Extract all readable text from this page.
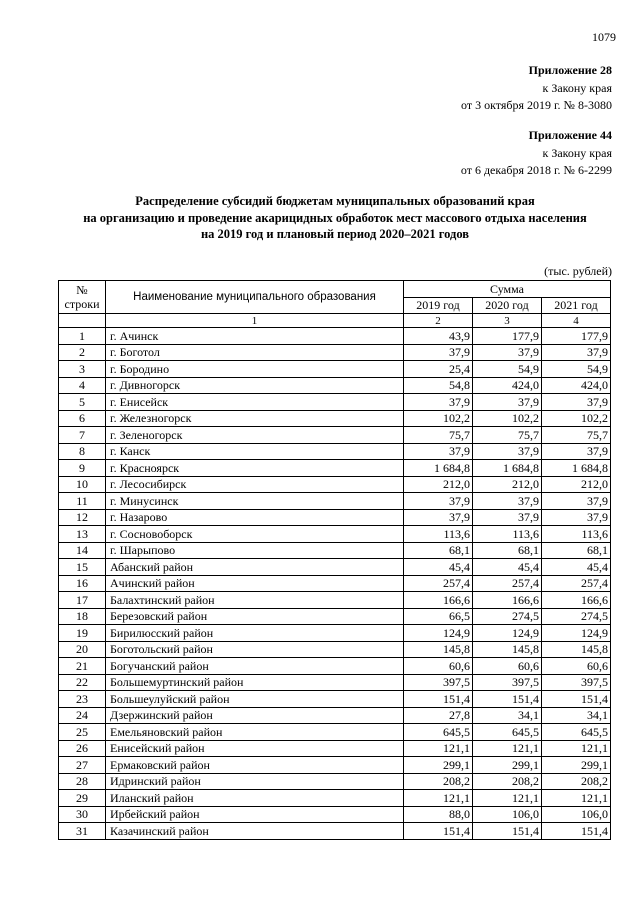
1079
Приложение 28
к Закону края
от 3 октября 2019 г. № 8-3080
Приложение 44
к Закону края
от 6 декабря 2018 г. № 6-2299
Распределение субсидий бюджетам муниципальных образований края
на организацию и проведение акарицидных обработок мест массового отдыха населения
на 2019 год и плановый период 2020–2021 годов
(тыс. рублей)
№ строки	Наименование муниципального образования	Сумма		
		2019 год	2020 год	2021 год
	1	2	3	4
1	г. Ачинск	43,9	177,9	177,9
2	г. Боготол	37,9	37,9	37,9
3	г. Бородино	25,4	54,9	54,9
4	г. Дивногорск	54,8	424,0	424,0
5	г. Енисейск	37,9	37,9	37,9
6	г. Железногорск	102,2	102,2	102,2
7	г. Зеленогорск	75,7	75,7	75,7
8	г. Канск	37,9	37,9	37,9
9	г. Красноярск	1 684,8	1 684,8	1 684,8
10	г. Лесосибирск	212,0	212,0	212,0
11	г. Минусинск	37,9	37,9	37,9
12	г. Назарово	37,9	37,9	37,9
13	г. Сосновоборск	113,6	113,6	113,6
14	г. Шарыпово	68,1	68,1	68,1
15	Абанский район	45,4	45,4	45,4
16	Ачинский район	257,4	257,4	257,4
17	Балахтинский район	166,6	166,6	166,6
18	Березовский район	66,5	274,5	274,5
19	Бирилюсский район	124,9	124,9	124,9
20	Боготольский район	145,8	145,8	145,8
21	Богучанский район	60,6	60,6	60,6
22	Большемуртинский район	397,5	397,5	397,5
23	Большеулуйский район	151,4	151,4	151,4
24	Дзержинский район	27,8	34,1	34,1
25	Емельяновский район	645,5	645,5	645,5
26	Енисейский район	121,1	121,1	121,1
27	Ермаковский район	299,1	299,1	299,1
28	Идринский район	208,2	208,2	208,2
29	Иланский район	121,1	121,1	121,1
30	Ирбейский район	88,0	106,0	106,0
31	Казачинский район	151,4	151,4	151,4
